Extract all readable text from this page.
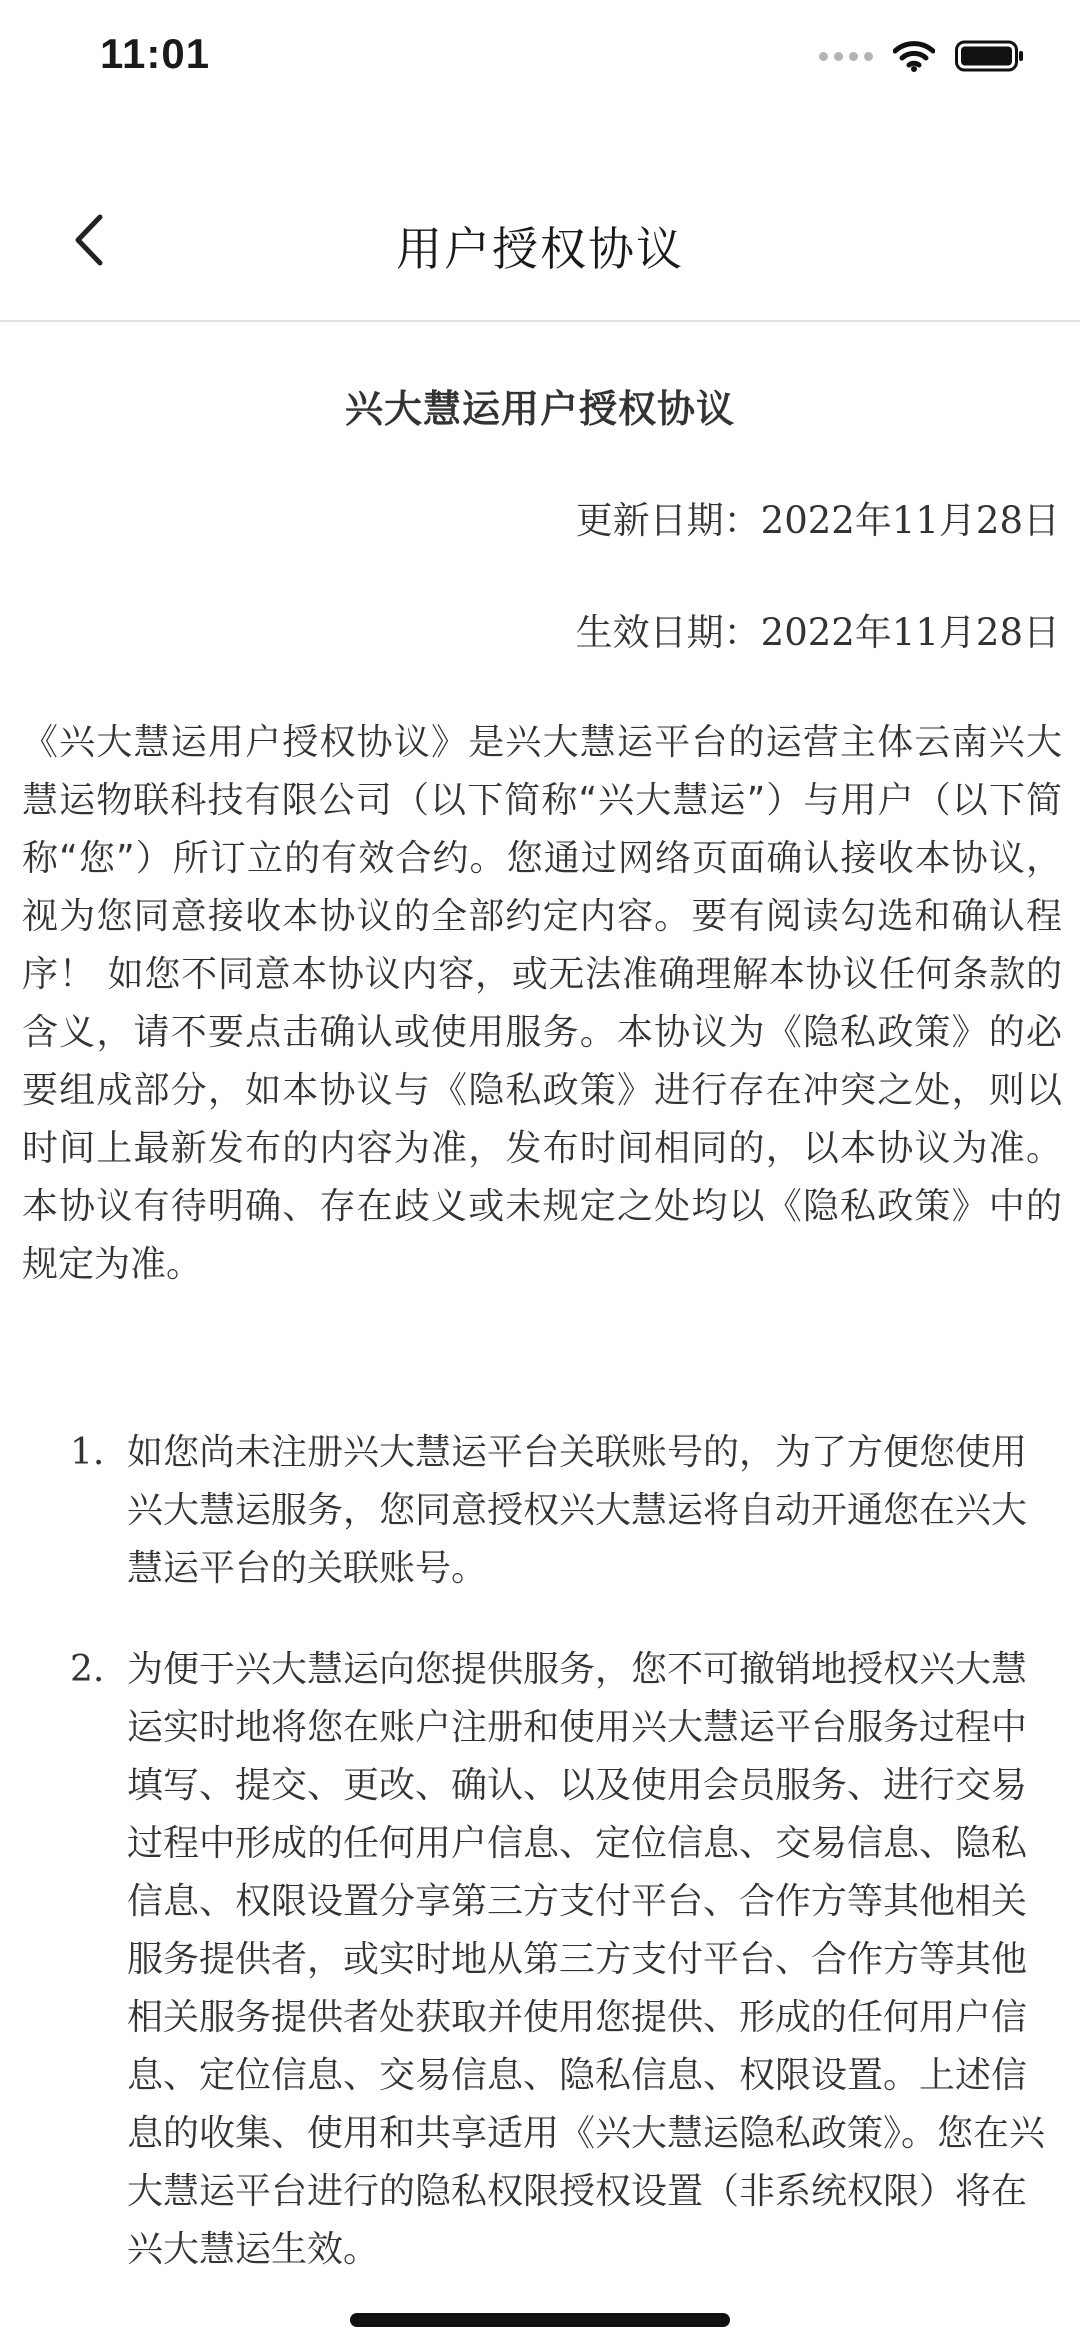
11:01
用户授权协议
兴大慧运用户授权协议
更新日期：2022年11月28日
生效日期：2022年11月28日

《兴大慧运用户授权协议》是兴大慧运平台的运营主体云南兴大慧运物联科技有限公司（以下简称“兴大慧运”）与用户（以下简称“您”）所订立的有效合约。您通过网络页面确认接收本协议，视为您同意接收本协议的全部约定内容。要有阅读勾选和确认程序！ 如您不同意本协议内容，或无法准确理解本协议任何条款的含义，请不要点击确认或使用服务。本协议为《隐私政策》的必要组成部分，如本协议与《隐私政策》进行存在冲突之处，则以时间上最新发布的内容为准，发布时间相同的，以本协议为准。本协议有待明确、存在歧义或未规定之处均以《隐私政策》中的规定为准。

1. 如您尚未注册兴大慧运平台关联账号的，为了方便您使用兴大慧运服务，您同意授权兴大慧运将自动开通您在兴大慧运平台的关联账号。
2. 为便于兴大慧运向您提供服务，您不可撤销地授权兴大慧运实时地将您在账户注册和使用兴大慧运平台服务过程中填写、提交、更改、确认、以及使用会员服务、进行交易过程中形成的任何用户信息、定位信息、交易信息、隐私信息、权限设置分享第三方支付平台、合作方等其他相关服务提供者，或实时地从第三方支付平台、合作方等其他相关服务提供者处获取并使用您提供、形成的任何用户信息、定位信息、交易信息、隐私信息、权限设置。上述信息的收集、使用和共享适用《兴大慧运隐私政策》。您在兴大慧运平台进行的隐私权限授权设置（非系统权限）将在兴大慧运生效。
